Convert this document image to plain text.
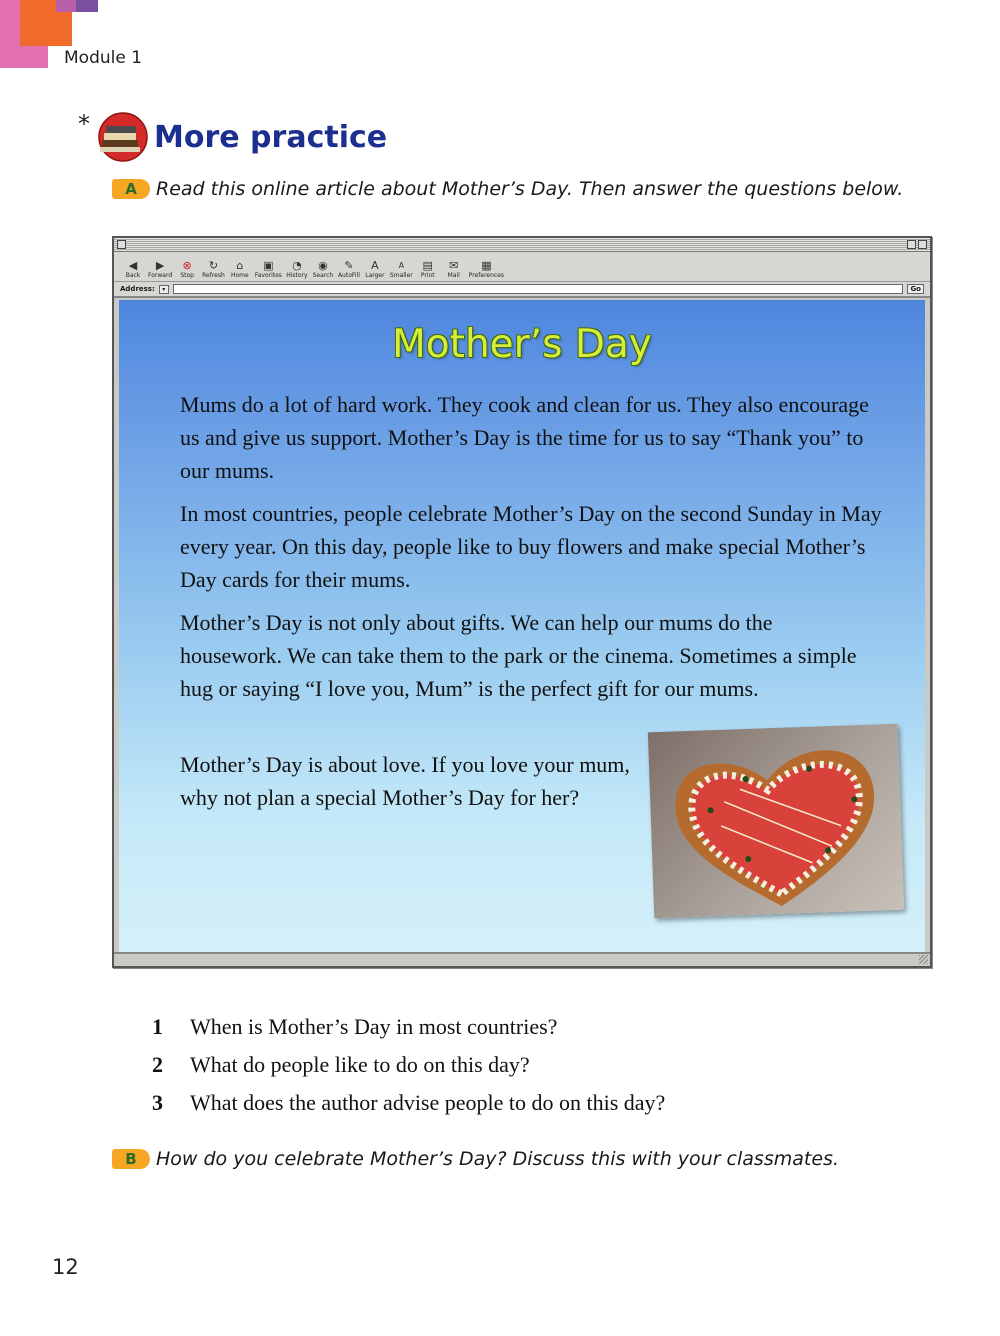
Module 1
* More practice
A	Read this online article about Mother’s Day. Then answer the questions below.
◀
Back
▶
Forward
⊗
Stop
↻
Refresh
⌂
Home
▣
Favorites
◔
History
◉
Search
✎
AutoFill
A
Larger
A
Smaller
▤
Print
✉
Mail
▦
Preferences
Address:	▾	Go
Mother’s Day

Mums do a lot of hard work. They cook and clean for us. They also encourage us and give us support. Mother’s Day is the time for us to say “Thank you” to our mums.

In most countries, people celebrate Mother’s Day on the second Sunday in May every year. On this day, people like to buy flowers and make special Mother’s Day cards for their mums.

Mother’s Day is not only about gifts. We can help our mums do the housework. We can take them to the park or the cinema. Sometimes a simple hug or saying “I love you, Mum” is the perfect gift for our mums.

Mother’s Day is about love. If you love your mum, why not plan a special Mother’s Day for her?

1	When is Mother’s Day in most countries?
2	What do people like to do on this day?
3	What does the author advise people to do on this day?
B	How do you celebrate Mother’s Day? Discuss this with your classmates.
12
